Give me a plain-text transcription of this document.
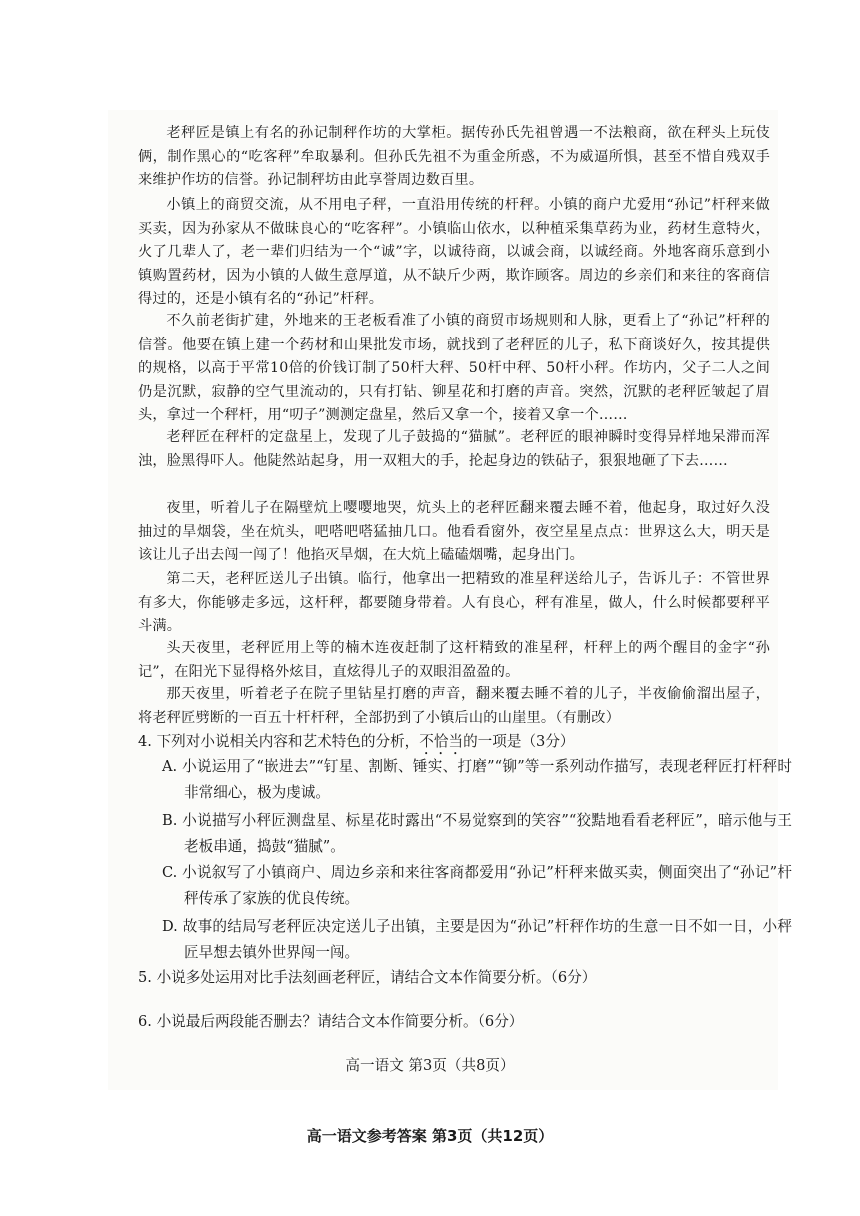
老秤匠是镇上有名的孙记制秤作坊的大掌柜。据传孙氏先祖曾遇一不法粮商，欲在秤头上玩伎俩，制作黑心的“吃客秤”牟取暴利。但孙氏先祖不为重金所惑，不为威逼所惧，甚至不惜自残双手来维护作坊的信誉。孙记制秤坊由此享誉周边数百里。

小镇上的商贸交流，从不用电子秤，一直沿用传统的杆秤。小镇的商户尤爱用“孙记”杆秤来做买卖，因为孙家从不做昧良心的“吃客秤”。小镇临山依水，以种植采集草药为业，药材生意特火，火了几辈人了，老一辈们归结为一个“诚”字，以诚待商，以诚会商，以诚经商。外地客商乐意到小镇购置药材，因为小镇的人做生意厚道，从不缺斤少两，欺诈顾客。周边的乡亲们和来往的客商信得过的，还是小镇有名的“孙记”杆秤。

不久前老街扩建，外地来的王老板看准了小镇的商贸市场规则和人脉，更看上了“孙记”杆秤的信誉。他要在镇上建一个药材和山果批发市场，就找到了老秤匠的儿子，私下商谈好久，按其提供的规格，以高于平常10倍的价钱订制了50杆大秤、50杆中秤、50杆小秤。作坊内，父子二人之间仍是沉默，寂静的空气里流动的，只有打钻、铆星花和打磨的声音。突然，沉默的老秤匠皱起了眉头，拿过一个秤杆，用“叨子”测测定盘星，然后又拿一个，接着又拿一个……

老秤匠在秤杆的定盘星上，发现了儿子鼓捣的“猫腻”。老秤匠的眼神瞬时变得异样地呆滞而浑浊，脸黑得吓人。他陡然站起身，用一双粗大的手，抡起身边的铁砧子，狠狠地砸了下去……

夜里，听着儿子在隔壁炕上嘤嘤地哭，炕头上的老秤匠翻来覆去睡不着，他起身，取过好久没抽过的旱烟袋，坐在炕头，吧嗒吧嗒猛抽几口。他看看窗外，夜空星星点点：世界这么大，明天是该让儿子出去闯一闯了！他掐灭旱烟，在大炕上磕磕烟嘴，起身出门。

第二天，老秤匠送儿子出镇。临行，他拿出一把精致的准星秤送给儿子，告诉儿子：不管世界有多大，你能够走多远，这杆秤，都要随身带着。人有良心，秤有准星，做人，什么时候都要秤平斗满。

头天夜里，老秤匠用上等的楠木连夜赶制了这杆精致的准星秤，杆秤上的两个醒目的金字“孙记”，在阳光下显得格外炫目，直炫得儿子的双眼泪盈盈的。

那天夜里，听着老子在院子里钻星打磨的声音，翻来覆去睡不着的儿子，半夜偷偷溜出屋子，将老秤匠劈断的一百五十杆杆秤，全部扔到了小镇后山的山崖里。（有删改）

4. 下列对小说相关内容和艺术特色的分析，不恰当的一项是（3分）

A. 小说运用了“嵌进去”“钉星、割断、锤实、打磨”“铆”等一系列动作描写，表现老秤匠打杆秤时非常细心，极为虔诚。

B. 小说描写小秤匠测盘星、标星花时露出“不易觉察到的笑容”“狡黠地看看老秤匠”，暗示他与王老板串通，捣鼓“猫腻”。

C. 小说叙写了小镇商户、周边乡亲和来往客商都爱用“孙记”杆秤来做买卖，侧面突出了“孙记”杆秤传承了家族的优良传统。

D. 故事的结局写老秤匠决定送儿子出镇，主要是因为“孙记”杆秤作坊的生意一日不如一日，小秤匠早想去镇外世界闯一闯。

5. 小说多处运用对比手法刻画老秤匠，请结合文本作简要分析。（6分）

6. 小说最后两段能否删去？请结合文本作简要分析。（6分）

高一语文 第3页（共8页）
高一语文参考答案 第3页（共12页）
